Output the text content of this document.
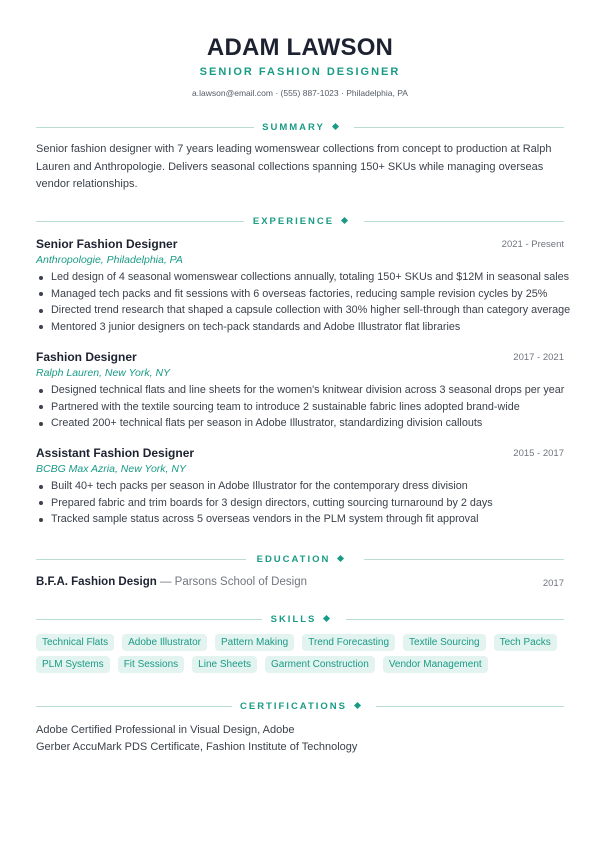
ADAM LAWSON
SENIOR FASHION DESIGNER
a.lawson@email.com · (555) 887-1023 · Philadelphia, PA
SUMMARY
Senior fashion designer with 7 years leading womenswear collections from concept to production at Ralph Lauren and Anthropologie. Delivers seasonal collections spanning 150+ SKUs while managing overseas vendor relationships.
EXPERIENCE
Senior Fashion Designer	2021 - Present
Anthropologie, Philadelphia, PA
Led design of 4 seasonal womenswear collections annually, totaling 150+ SKUs and $12M in seasonal sales
Managed tech packs and fit sessions with 6 overseas factories, reducing sample revision cycles by 25%
Directed trend research that shaped a capsule collection with 30% higher sell-through than category average
Mentored 3 junior designers on tech-pack standards and Adobe Illustrator flat libraries
Fashion Designer	2017 - 2021
Ralph Lauren, New York, NY
Designed technical flats and line sheets for the women's knitwear division across 3 seasonal drops per year
Partnered with the textile sourcing team to introduce 2 sustainable fabric lines adopted brand-wide
Created 200+ technical flats per season in Adobe Illustrator, standardizing division callouts
Assistant Fashion Designer	2015 - 2017
BCBG Max Azria, New York, NY
Built 40+ tech packs per season in Adobe Illustrator for the contemporary dress division
Prepared fabric and trim boards for 3 design directors, cutting sourcing turnaround by 2 days
Tracked sample status across 5 overseas vendors in the PLM system through fit approval
EDUCATION
B.F.A. Fashion Design — Parsons School of Design	2017
SKILLS
Technical Flats	Adobe Illustrator	Pattern Making	Trend Forecasting	Textile Sourcing	Tech Packs
PLM Systems	Fit Sessions	Line Sheets	Garment Construction	Vendor Management
CERTIFICATIONS
Adobe Certified Professional in Visual Design, Adobe
Gerber AccuMark PDS Certificate, Fashion Institute of Technology
